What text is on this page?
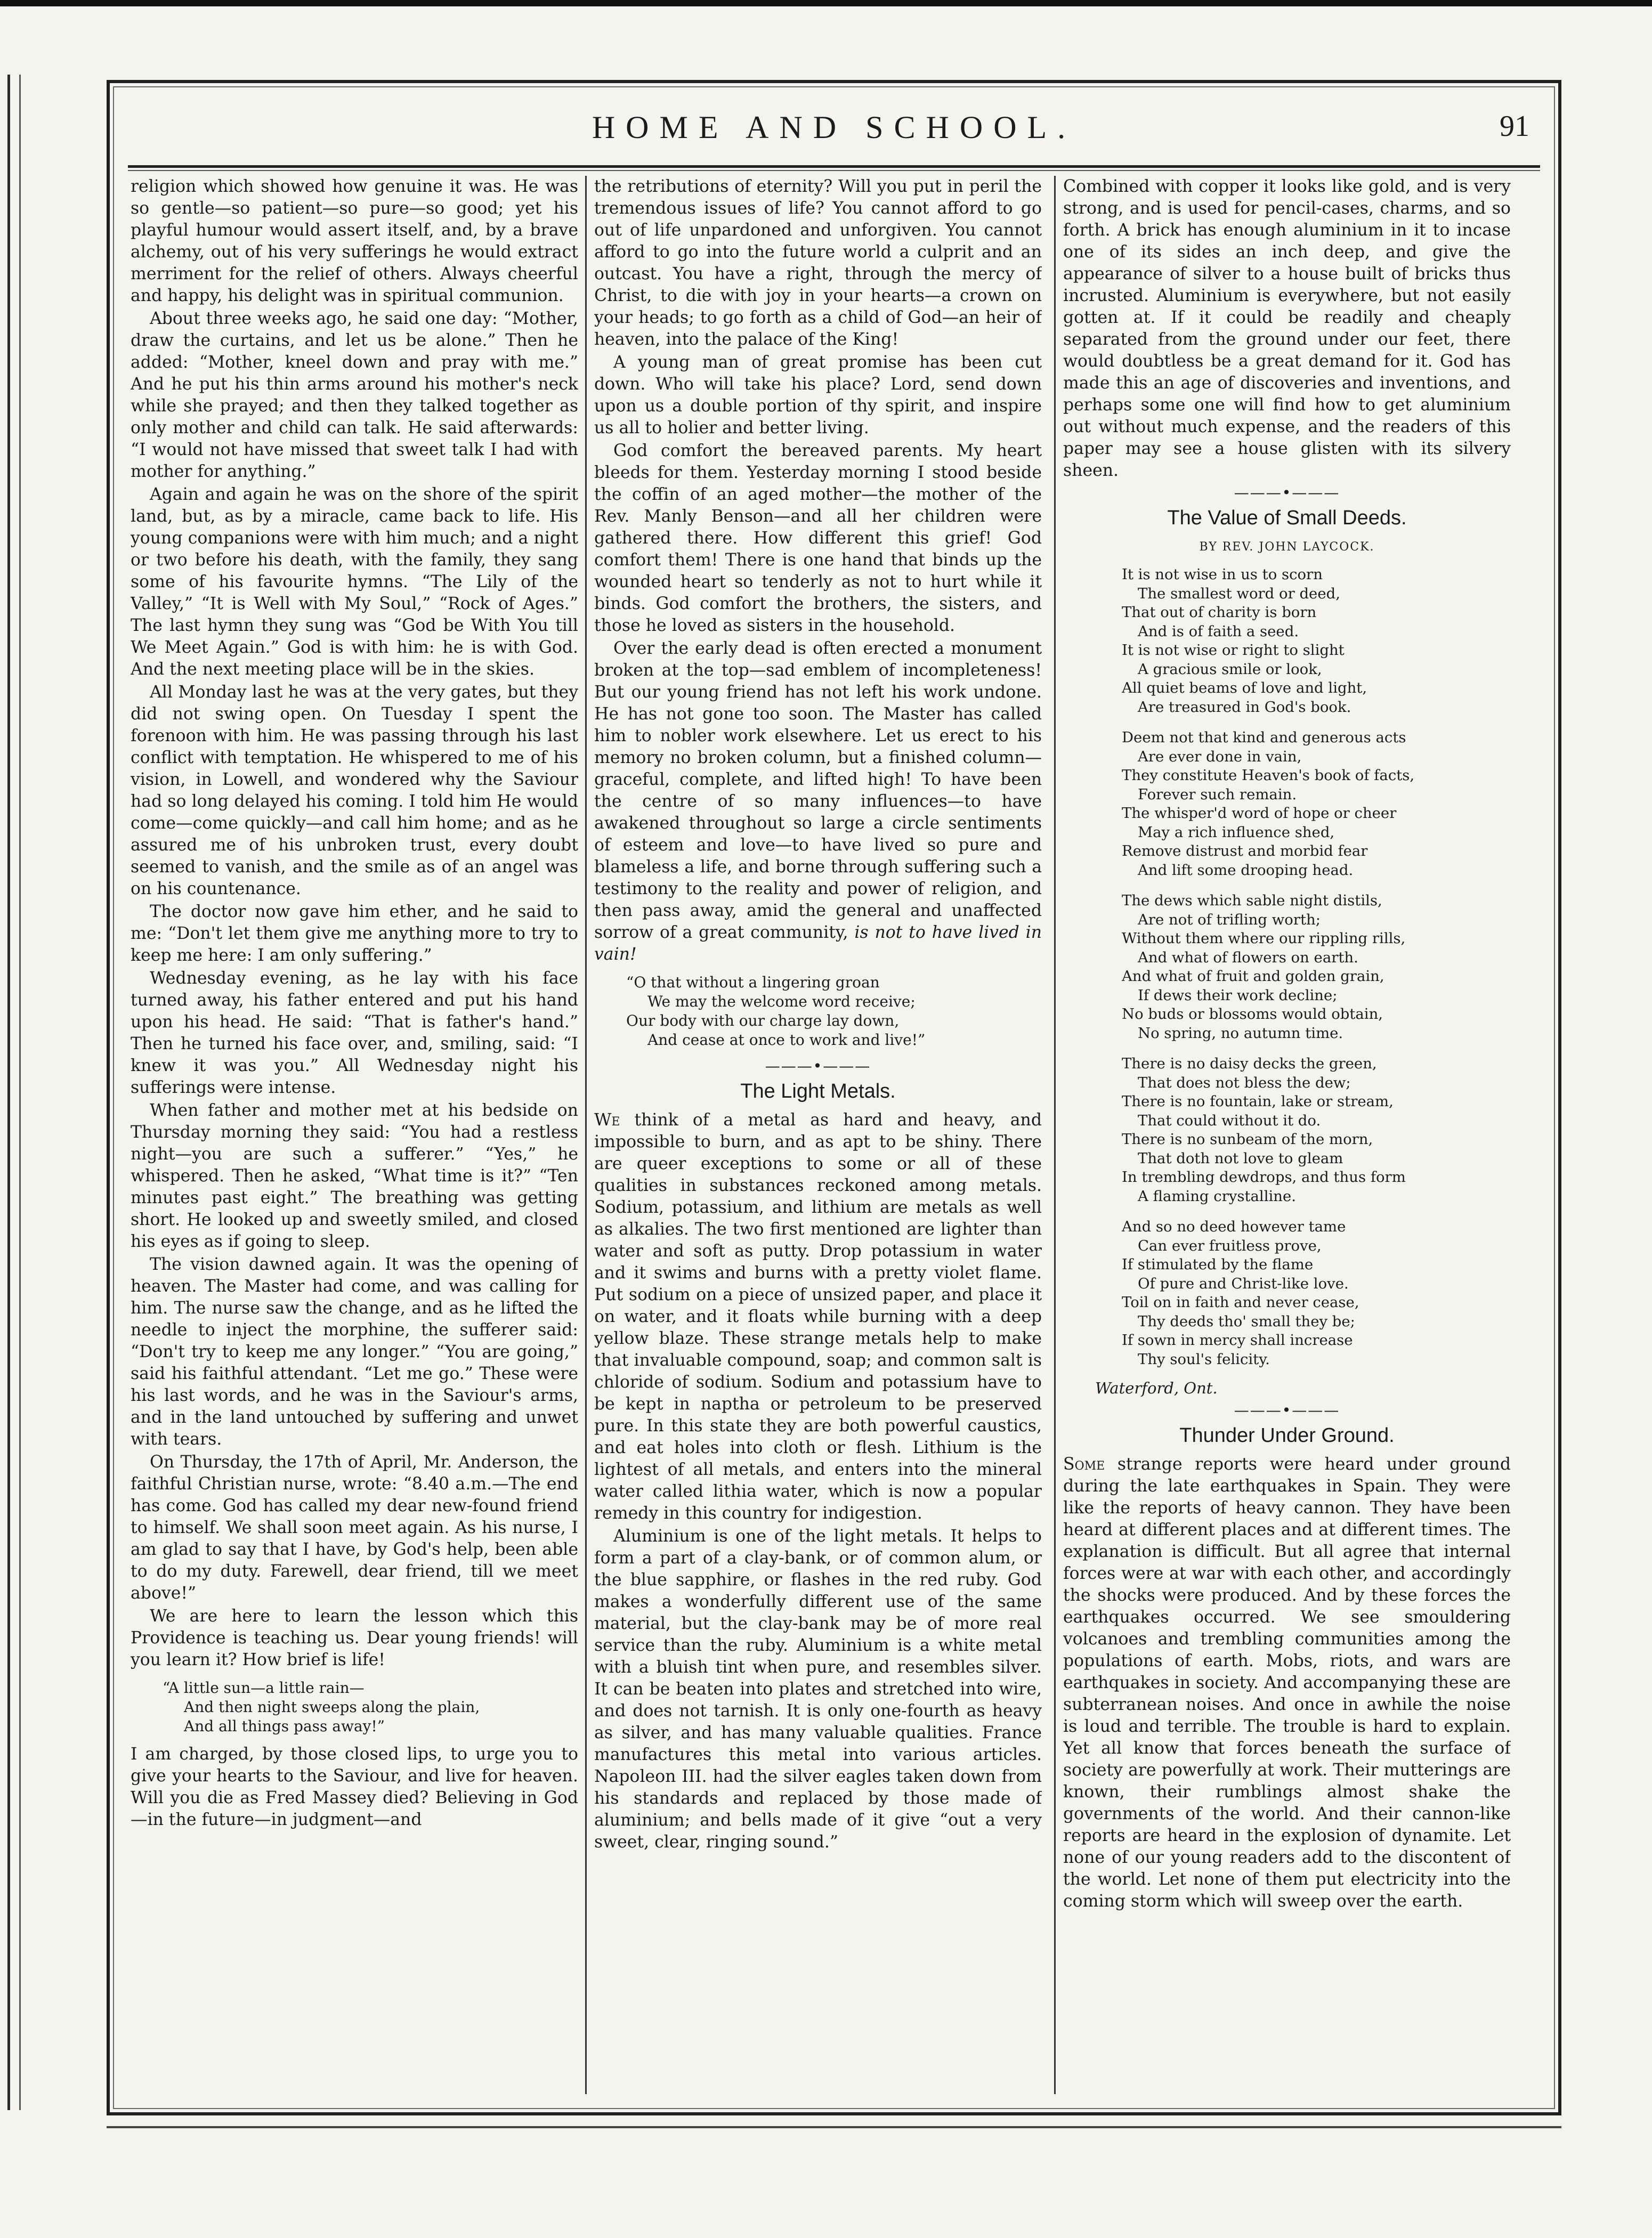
HOME AND SCHOOL.	91

religion which showed how genuine it was. He was so gentle—so patient—so pure—so good; yet his playful humour would assert itself, and, by a brave alchemy, out of his very sufferings he would extract merriment for the relief of others. Always cheerful and happy, his delight was in spiritual communion.

About three weeks ago, he said one day: “Mother, draw the curtains, and let us be alone.” Then he added: “Mother, kneel down and pray with me.” And he put his thin arms around his mother's neck while she prayed; and then they talked together as only mother and child can talk. He said afterwards: “I would not have missed that sweet talk I had with mother for anything.”

Again and again he was on the shore of the spirit land, but, as by a miracle, came back to life. His young companions were with him much; and a night or two before his death, with the family, they sang some of his favourite hymns. “The Lily of the Valley,” “It is Well with My Soul,” “Rock of Ages.” The last hymn they sung was “God be With You till We Meet Again.” God is with him: he is with God. And the next meeting place will be in the skies.

All Monday last he was at the very gates, but they did not swing open. On Tuesday I spent the forenoon with him. He was passing through his last conflict with temptation. He whispered to me of his vision, in Lowell, and wondered why the Saviour had so long delayed his coming. I told him He would come—come quickly—and call him home; and as he assured me of his unbroken trust, every doubt seemed to vanish, and the smile as of an angel was on his countenance.

The doctor now gave him ether, and he said to me: “Don't let them give me anything more to try to keep me here: I am only suffering.”

Wednesday evening, as he lay with his face turned away, his father entered and put his hand upon his head. He said: “That is father's hand.” Then he turned his face over, and, smiling, said: “I knew it was you.” All Wednesday night his sufferings were intense.

When father and mother met at his bedside on Thursday morning they said: “You had a restless night—you are such a sufferer.” “Yes,” he whispered. Then he asked, “What time is it?” “Ten minutes past eight.” The breathing was getting short. He looked up and sweetly smiled, and closed his eyes as if going to sleep.

The vision dawned again. It was the opening of heaven. The Master had come, and was calling for him. The nurse saw the change, and as he lifted the needle to inject the morphine, the sufferer said: “Don't try to keep me any longer.” “You are going,” said his faithful attendant. “Let me go.” These were his last words, and he was in the Saviour's arms, and in the land untouched by suffering and unwet with tears.

On Thursday, the 17th of April, Mr. Anderson, the faithful Christian nurse, wrote: “8.40 a.m.—The end has come. God has called my dear new-found friend to himself. We shall soon meet again. As his nurse, I am glad to say that I have, by God's help, been able to do my duty. Farewell, dear friend, till we meet above!”

We are here to learn the lesson which this Providence is teaching us. Dear young friends! will you learn it? How brief is life!

“A little sun—a little rain—
And then night sweeps along the plain,
And all things pass away!”

I am charged, by those closed lips, to urge you to give your hearts to the Saviour, and live for heaven. Will you die as Fred Massey died? Believing in God—in the future—in judgment—and

the retributions of eternity? Will you put in peril the tremendous issues of life? You cannot afford to go out of life unpardoned and unforgiven. You cannot afford to go into the future world a culprit and an outcast. You have a right, through the mercy of Christ, to die with joy in your hearts—a crown on your heads; to go forth as a child of God—an heir of heaven, into the palace of the King!

A young man of great promise has been cut down. Who will take his place? Lord, send down upon us a double portion of thy spirit, and inspire us all to holier and better living.

God comfort the bereaved parents. My heart bleeds for them. Yesterday morning I stood beside the coffin of an aged mother—the mother of the Rev. Manly Benson—and all her children were gathered there. How different this grief! God comfort them! There is one hand that binds up the wounded heart so tenderly as not to hurt while it binds. God comfort the brothers, the sisters, and those he loved as sisters in the household.

Over the early dead is often erected a monument broken at the top—sad emblem of incompleteness! But our young friend has not left his work undone. He has not gone too soon. The Master has called him to nobler work elsewhere. Let us erect to his memory no broken column, but a finished column—graceful, complete, and lifted high! To have been the centre of so many influences—to have awakened throughout so large a circle sentiments of esteem and love—to have lived so pure and blameless a life, and borne through suffering such a testimony to the reality and power of religion, and then pass away, amid the general and unaffected sorrow of a great community, is not to have lived in vain!

“O that without a lingering groan
We may the welcome word receive;
Our body with our charge lay down,
And cease at once to work and live!”
———•———
The Light Metals.

We think of a metal as hard and heavy, and impossible to burn, and as apt to be shiny. There are queer exceptions to some or all of these qualities in substances reckoned among metals. Sodium, potassium, and lithium are metals as well as alkalies. The two first mentioned are lighter than water and soft as putty. Drop potassium in water and it swims and burns with a pretty violet flame. Put sodium on a piece of unsized paper, and place it on water, and it floats while burning with a deep yellow blaze. These strange metals help to make that invaluable compound, soap; and common salt is chloride of sodium. Sodium and potassium have to be kept in naptha or petroleum to be preserved pure. In this state they are both powerful caustics, and eat holes into cloth or flesh. Lithium is the lightest of all metals, and enters into the mineral water called lithia water, which is now a popular remedy in this country for indigestion.

Aluminium is one of the light metals. It helps to form a part of a clay-bank, or of common alum, or the blue sapphire, or flashes in the red ruby. God makes a wonderfully different use of the same material, but the clay-bank may be of more real service than the ruby. Aluminium is a white metal with a bluish tint when pure, and resembles silver. It can be beaten into plates and stretched into wire, and does not tarnish. It is only one-fourth as heavy as silver, and has many valuable qualities. France manufactures this metal into various articles. Napoleon III. had the silver eagles taken down from his standards and replaced by those made of aluminium; and bells made of it give “out a very sweet, clear, ringing sound.”

Combined with copper it looks like gold, and is very strong, and is used for pencil-cases, charms, and so forth. A brick has enough aluminium in it to incase one of its sides an inch deep, and give the appearance of silver to a house built of bricks thus incrusted. Aluminium is everywhere, but not easily gotten at. If it could be readily and cheaply separated from the ground under our feet, there would doubtless be a great demand for it. God has made this an age of discoveries and inventions, and perhaps some one will find how to get aluminium out without much expense, and the readers of this paper may see a house glisten with its silvery sheen.

———•———
The Value of Small Deeds.
BY REV. JOHN LAYCOCK.
It is not wise in us to scorn
The smallest word or deed,
That out of charity is born
And is of faith a seed.
It is not wise or right to slight
A gracious smile or look,
All quiet beams of love and light,
Are treasured in God's book.
Deem not that kind and generous acts
Are ever done in vain,
They constitute Heaven's book of facts,
Forever such remain.
The whisper'd word of hope or cheer
May a rich influence shed,
Remove distrust and morbid fear
And lift some drooping head.
The dews which sable night distils,
Are not of trifling worth;
Without them where our rippling rills,
And what of flowers on earth.
And what of fruit and golden grain,
If dews their work decline;
No buds or blossoms would obtain,
No spring, no autumn time.
There is no daisy decks the green,
That does not bless the dew;
There is no fountain, lake or stream,
That could without it do.
There is no sunbeam of the morn,
That doth not love to gleam
In trembling dewdrops, and thus form
A flaming crystalline.
And so no deed however tame
Can ever fruitless prove,
If stimulated by the flame
Of pure and Christ-like love.
Toil on in faith and never cease,
Thy deeds tho' small they be;
If sown in mercy shall increase
Thy soul's felicity.
Waterford, Ont.
———•———
Thunder Under Ground.

Some strange reports were heard under ground during the late earthquakes in Spain. They were like the reports of heavy cannon. They have been heard at different places and at different times. The explanation is difficult. But all agree that internal forces were at war with each other, and accordingly the shocks were produced. And by these forces the earthquakes occurred. We see smouldering volcanoes and trembling communities among the populations of earth. Mobs, riots, and wars are earthquakes in society. And accompanying these are subterranean noises. And once in awhile the noise is loud and terrible. The trouble is hard to explain. Yet all know that forces beneath the surface of society are powerfully at work. Their mutterings are known, their rumblings almost shake the governments of the world. And their cannon-like reports are heard in the explosion of dynamite. Let none of our young readers add to the discontent of the world. Let none of them put electricity into the coming storm which will sweep over the earth.
